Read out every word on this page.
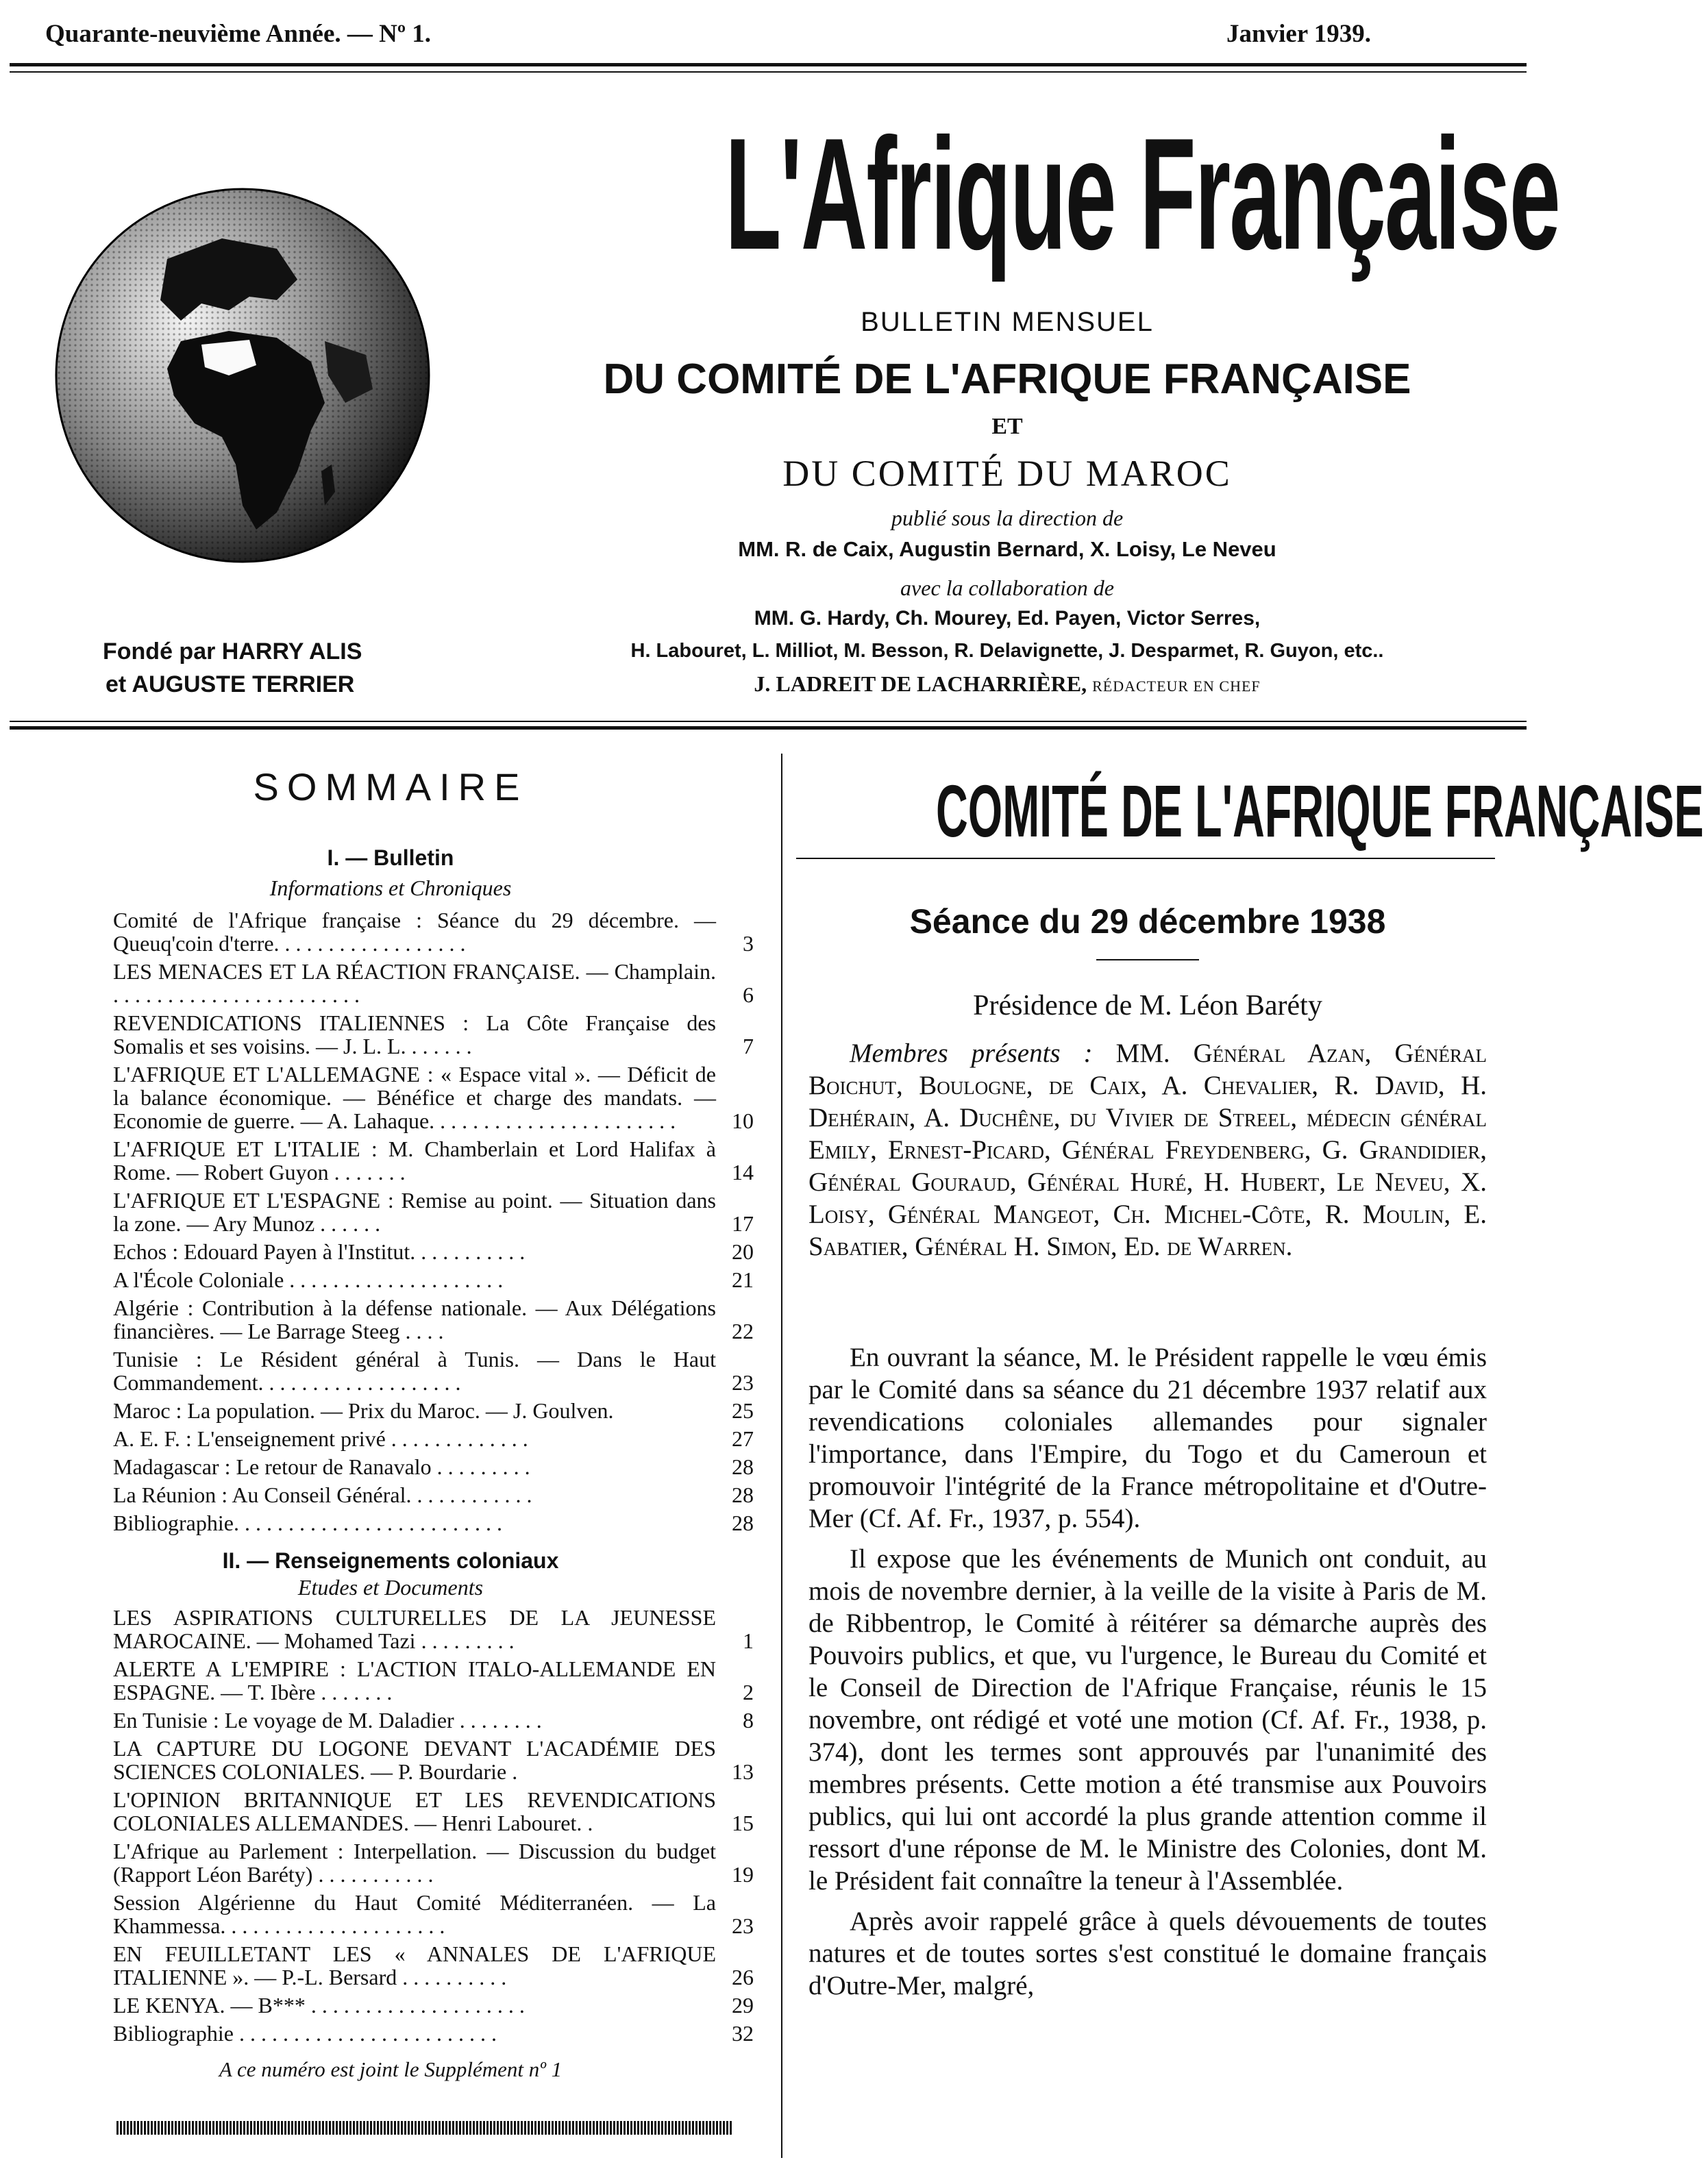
Quarante-neuvième Année. — Nº 1.	Janvier 1939.
Fondé par HARRY ALIS
et AUGUSTE TERRIER
L'Afrique Française
BULLETIN MENSUEL
DU COMITÉ DE L'AFRIQUE FRANÇAISE
ET
DU COMITÉ DU MAROC
publié sous la direction de
MM. R. de Caix, Augustin Bernard, X. Loisy, Le Neveu
avec la collaboration de
MM. G. Hardy, Ch. Mourey, Ed. Payen, Victor Serres,
H. Labouret, L. Milliot, M. Besson, R. Delavignette, J. Desparmet, R. Guyon, etc..
J. LADREIT DE LACHARRIÈRE, RÉDACTEUR EN CHEF
SOMMAIRE
I. — Bulletin
Informations et Chroniques
Comité de l'Afrique française : Séance du 29 décembre. — Queuq'coin d'terre. . . . . . . . . . . . . . . . . .	3
LES MENACES ET LA RÉACTION FRANÇAISE. — Champlain. . . . . . . . . . . . . . . . . . . . . . . .	6
REVENDICATIONS ITALIENNES : La Côte Française des Somalis et ses voisins. — J. L. L. . . . . . .	7
L'AFRIQUE ET L'ALLEMAGNE : « Espace vital ». — Déficit de la balance économique. — Bénéfice et charge des mandats. — Economie de guerre. — A. Lahaque. . . . . . . . . . . . . . . . . . . . . . .	10
L'AFRIQUE ET L'ITALIE : M. Chamberlain et Lord Halifax à Rome. — Robert Guyon . . . . . . .	14
L'AFRIQUE ET L'ESPAGNE : Remise au point. — Situation dans la zone. — Ary Munoz . . . . . .	17
Echos : Edouard Payen à l'Institut. . . . . . . . . . .	20
A l'École Coloniale . . . . . . . . . . . . . . . . . . . .	21
Algérie : Contribution à la défense nationale. — Aux Délégations financières. — Le Barrage Steeg . . . .	22
Tunisie : Le Résident général à Tunis. — Dans le Haut Commandement. . . . . . . . . . . . . . . . . . .	23
Maroc : La population. — Prix du Maroc. — J. Goulven.	25
A. E. F. : L'enseignement privé . . . . . . . . . . . . .	27
Madagascar : Le retour de Ranavalo . . . . . . . . .	28
La Réunion : Au Conseil Général. . . . . . . . . . . .	28
Bibliographie. . . . . . . . . . . . . . . . . . . . . . . . .	28
II. — Renseignements coloniaux
Etudes et Documents
LES ASPIRATIONS CULTURELLES DE LA JEUNESSE MAROCAINE. — Mohamed Tazi . . . . . . . . .	1
ALERTE A L'EMPIRE : L'ACTION ITALO-ALLEMANDE EN ESPAGNE. — T. Ibère . . . . . . .	2
En Tunisie : Le voyage de M. Daladier . . . . . . . .	8
LA CAPTURE DU LOGONE DEVANT L'ACADÉMIE DES SCIENCES COLONIALES. — P. Bourdarie .	13
L'OPINION BRITANNIQUE ET LES REVENDICATIONS COLONIALES ALLEMANDES. — Henri Labouret. .	15
L'Afrique au Parlement : Interpellation. — Discussion du budget (Rapport Léon Baréty) . . . . . . . . . . .	19
Session Algérienne du Haut Comité Méditerranéen. — La Khammessa. . . . . . . . . . . . . . . . . . . . .	23
EN FEUILLETANT LES « ANNALES DE L'AFRIQUE ITALIENNE ». — P.-L. Bersard . . . . . . . . . .	26
LE KENYA. — B*** . . . . . . . . . . . . . . . . . . . .	29
Bibliographie . . . . . . . . . . . . . . . . . . . . . . . .	32
A ce numéro est joint le Supplément nº 1
COMITÉ DE L'AFRIQUE FRANÇAISE
Séance du 29 décembre 1938
Présidence de M. Léon Baréty

Membres présents : MM. Général Azan, Général Boichut, Boulogne, de Caix, A. Chevalier, R. David, H. Dehérain, A. Duchêne, du Vivier de Streel, médecin général Emily, Ernest-Picard, Général Freydenberg, G. Grandidier, Général Gouraud, Général Huré, H. Hubert, Le Neveu, X. Loisy, Général Mangeot, Ch. Michel-Côte, R. Moulin, E. Sabatier, Général H. Simon, Ed. de Warren.

En ouvrant la séance, M. le Président rappelle le vœu émis par le Comité dans sa séance du 21 décembre 1937 relatif aux revendications coloniales allemandes pour signaler l'importance, dans l'Empire, du Togo et du Cameroun et promouvoir l'intégrité de la France métropolitaine et d'Outre-Mer (Cf. Af. Fr., 1937, p. 554).

Il expose que les événements de Munich ont conduit, au mois de novembre dernier, à la veille de la visite à Paris de M. de Ribbentrop, le Comité à réitérer sa démarche auprès des Pouvoirs publics, et que, vu l'urgence, le Bureau du Comité et le Conseil de Direction de l'Afrique Française, réunis le 15 novembre, ont rédigé et voté une motion (Cf. Af. Fr., 1938, p. 374), dont les termes sont approuvés par l'unanimité des membres présents. Cette motion a été transmise aux Pouvoirs publics, qui lui ont accordé la plus grande attention comme il ressort d'une réponse de M. le Ministre des Colonies, dont M. le Président fait connaître la teneur à l'Assemblée.

Après avoir rappelé grâce à quels dévouements de toutes natures et de toutes sortes s'est constitué le domaine français d'Outre-Mer, malgré,
